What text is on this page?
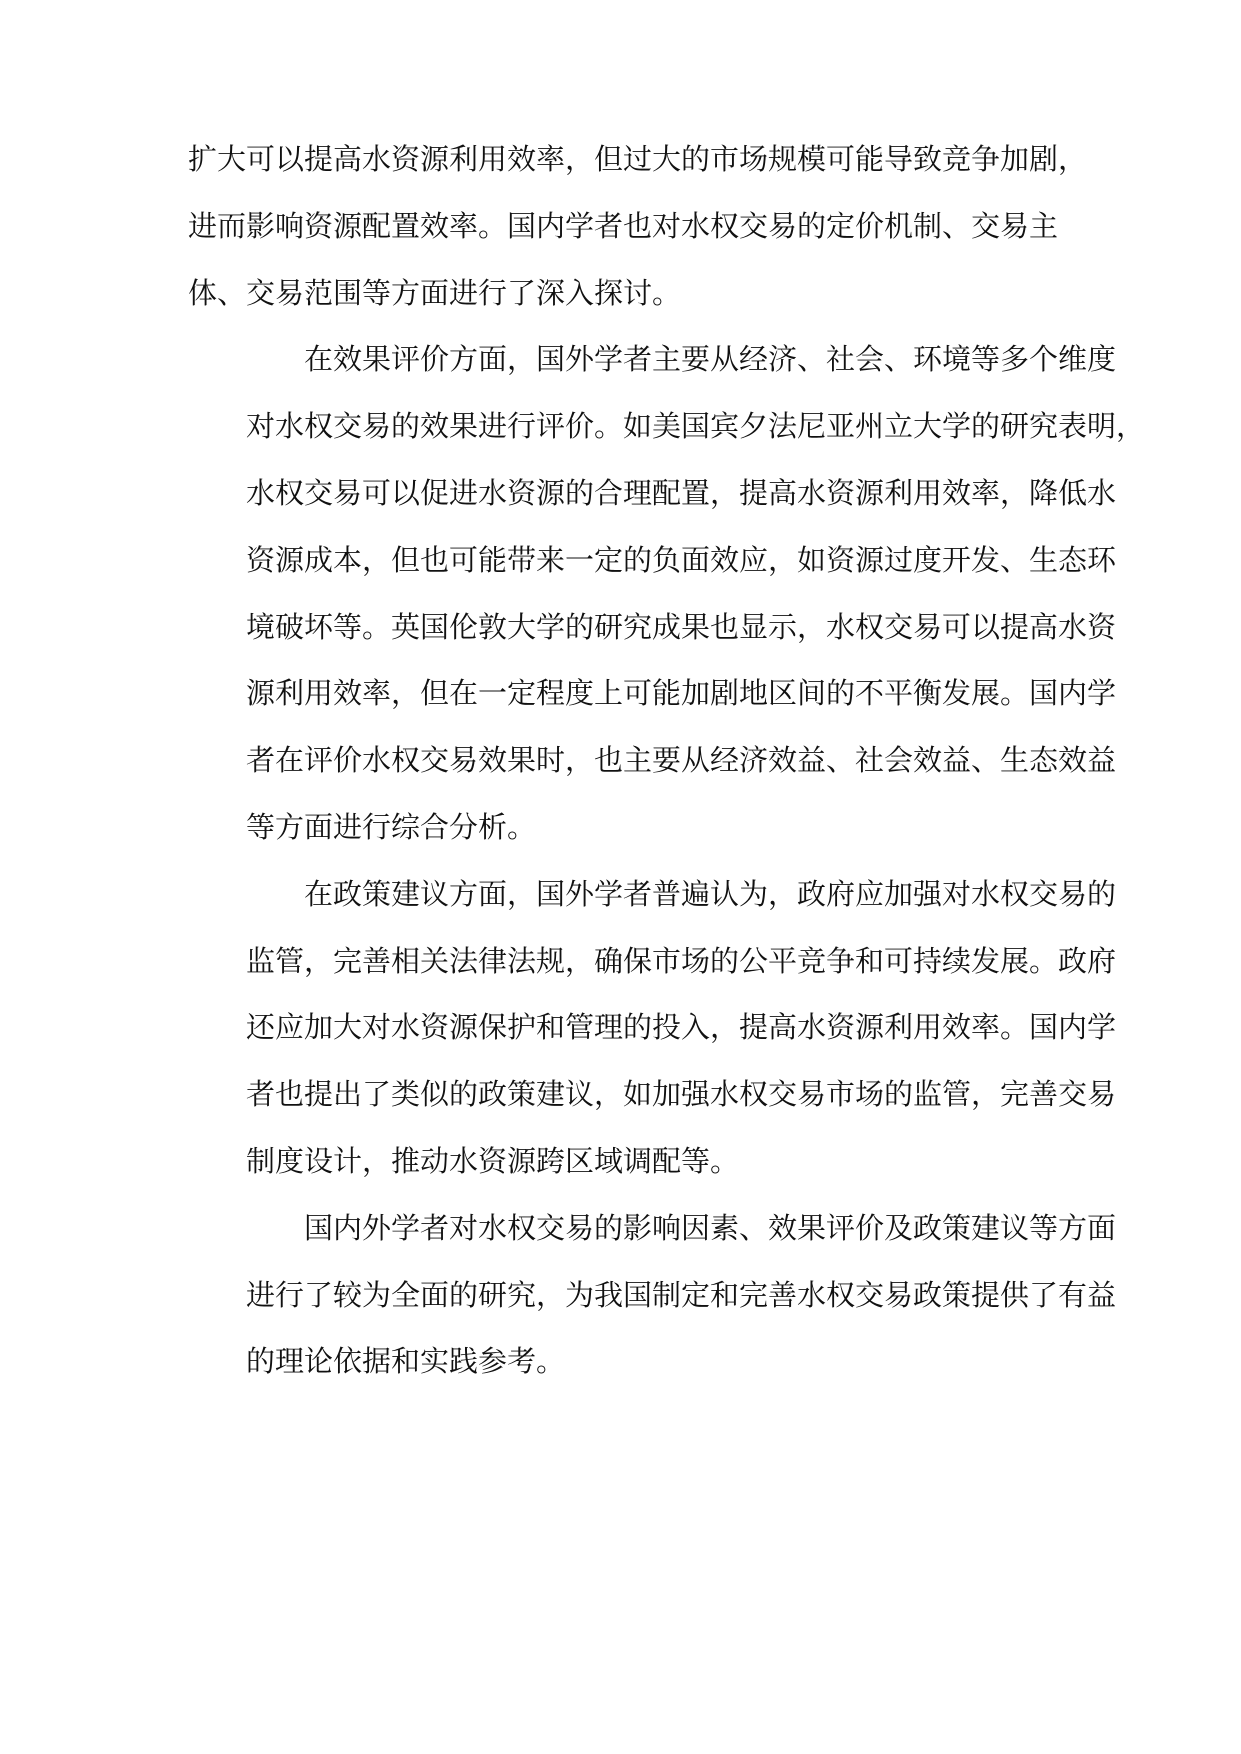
扩大可以提高水资源利用效率，但过大的市场规模可能导致竞争加剧，
进而影响资源配置效率。国内学者也对水权交易的定价机制、交易主
体、交易范围等方面进行了深入探讨。

在效果评价方面，国外学者主要从经济、社会、环境等多个维度
对水权交易的效果进行评价。如美国宾夕法尼亚州立大学的研究表明，
水权交易可以促进水资源的合理配置，提高水资源利用效率，降低水
资源成本，但也可能带来一定的负面效应，如资源过度开发、生态环
境破坏等。英国伦敦大学的研究成果也显示，水权交易可以提高水资
源利用效率，但在一定程度上可能加剧地区间的不平衡发展。国内学
者在评价水权交易效果时，也主要从经济效益、社会效益、生态效益
等方面进行综合分析。

在政策建议方面，国外学者普遍认为，政府应加强对水权交易的
监管，完善相关法律法规，确保市场的公平竞争和可持续发展。政府
还应加大对水资源保护和管理的投入，提高水资源利用效率。国内学
者也提出了类似的政策建议，如加强水权交易市场的监管，完善交易
制度设计，推动水资源跨区域调配等。

国内外学者对水权交易的影响因素、效果评价及政策建议等方面
进行了较为全面的研究，为我国制定和完善水权交易政策提供了有益
的理论依据和实践参考。
